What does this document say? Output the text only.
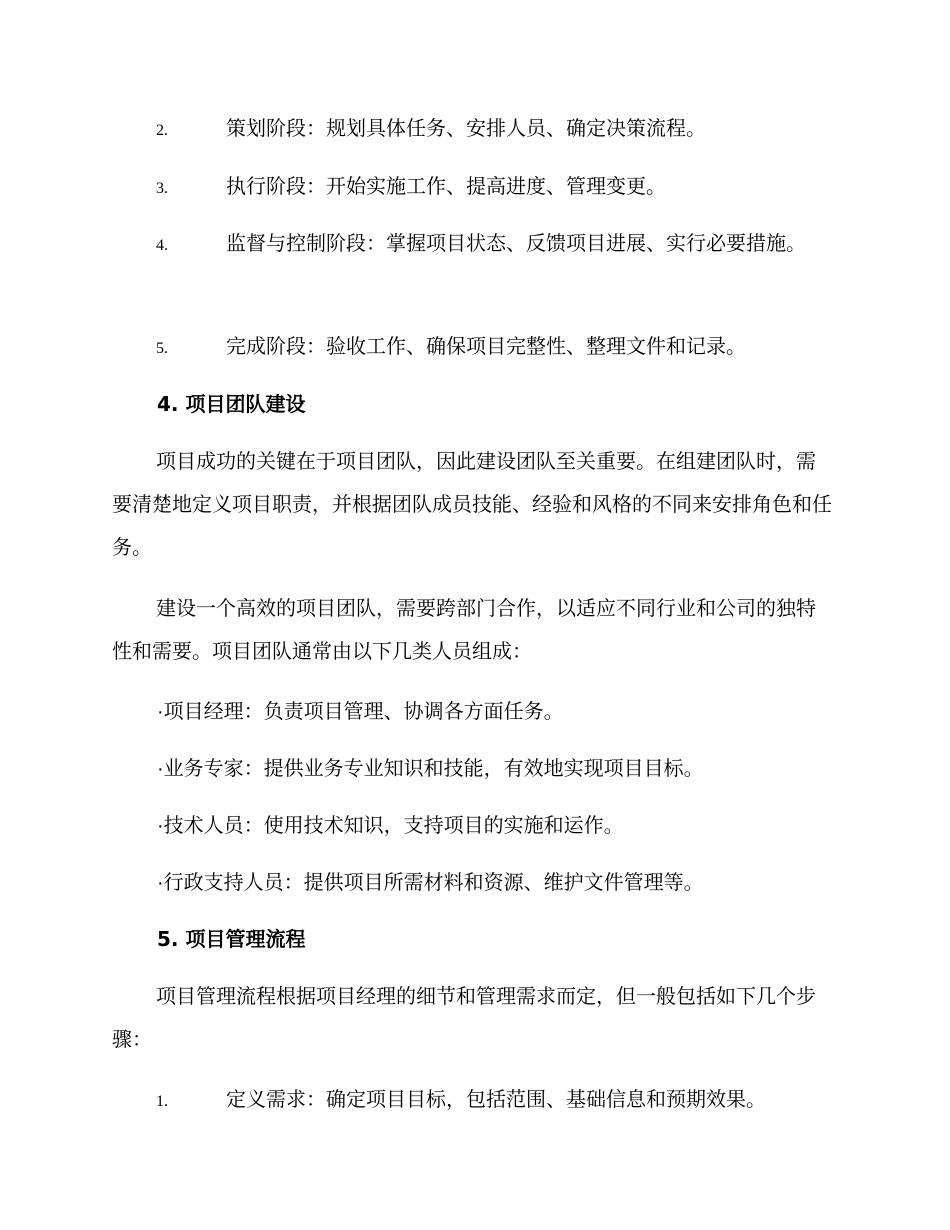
2.	策划阶段：规划具体任务、安排人员、确定决策流程。
3.	执行阶段：开始实施工作、提高进度、管理变更。
4.	监督与控制阶段：掌握项目状态、反馈项目进展、实行必要措施。
5.	完成阶段：验收工作、确保项目完整性、整理文件和记录。
4. 项目团队建设

项目成功的关键在于项目团队，因此建设团队至关重要。在组建团队时，需要清楚地定义项目职责，并根据团队成员技能、经验和风格的不同来安排角色和任务。

建设一个高效的项目团队，需要跨部门合作，以适应不同行业和公司的独特性和需要。项目团队通常由以下几类人员组成：

·项目经理：负责项目管理、协调各方面任务。
·业务专家：提供业务专业知识和技能，有效地实现项目目标。
·技术人员：使用技术知识，支持项目的实施和运作。
·行政支持人员：提供项目所需材料和资源、维护文件管理等。
5. 项目管理流程

项目管理流程根据项目经理的细节和管理需求而定，但一般包括如下几个步骤：

1.	定义需求：确定项目目标，包括范围、基础信息和预期效果。
